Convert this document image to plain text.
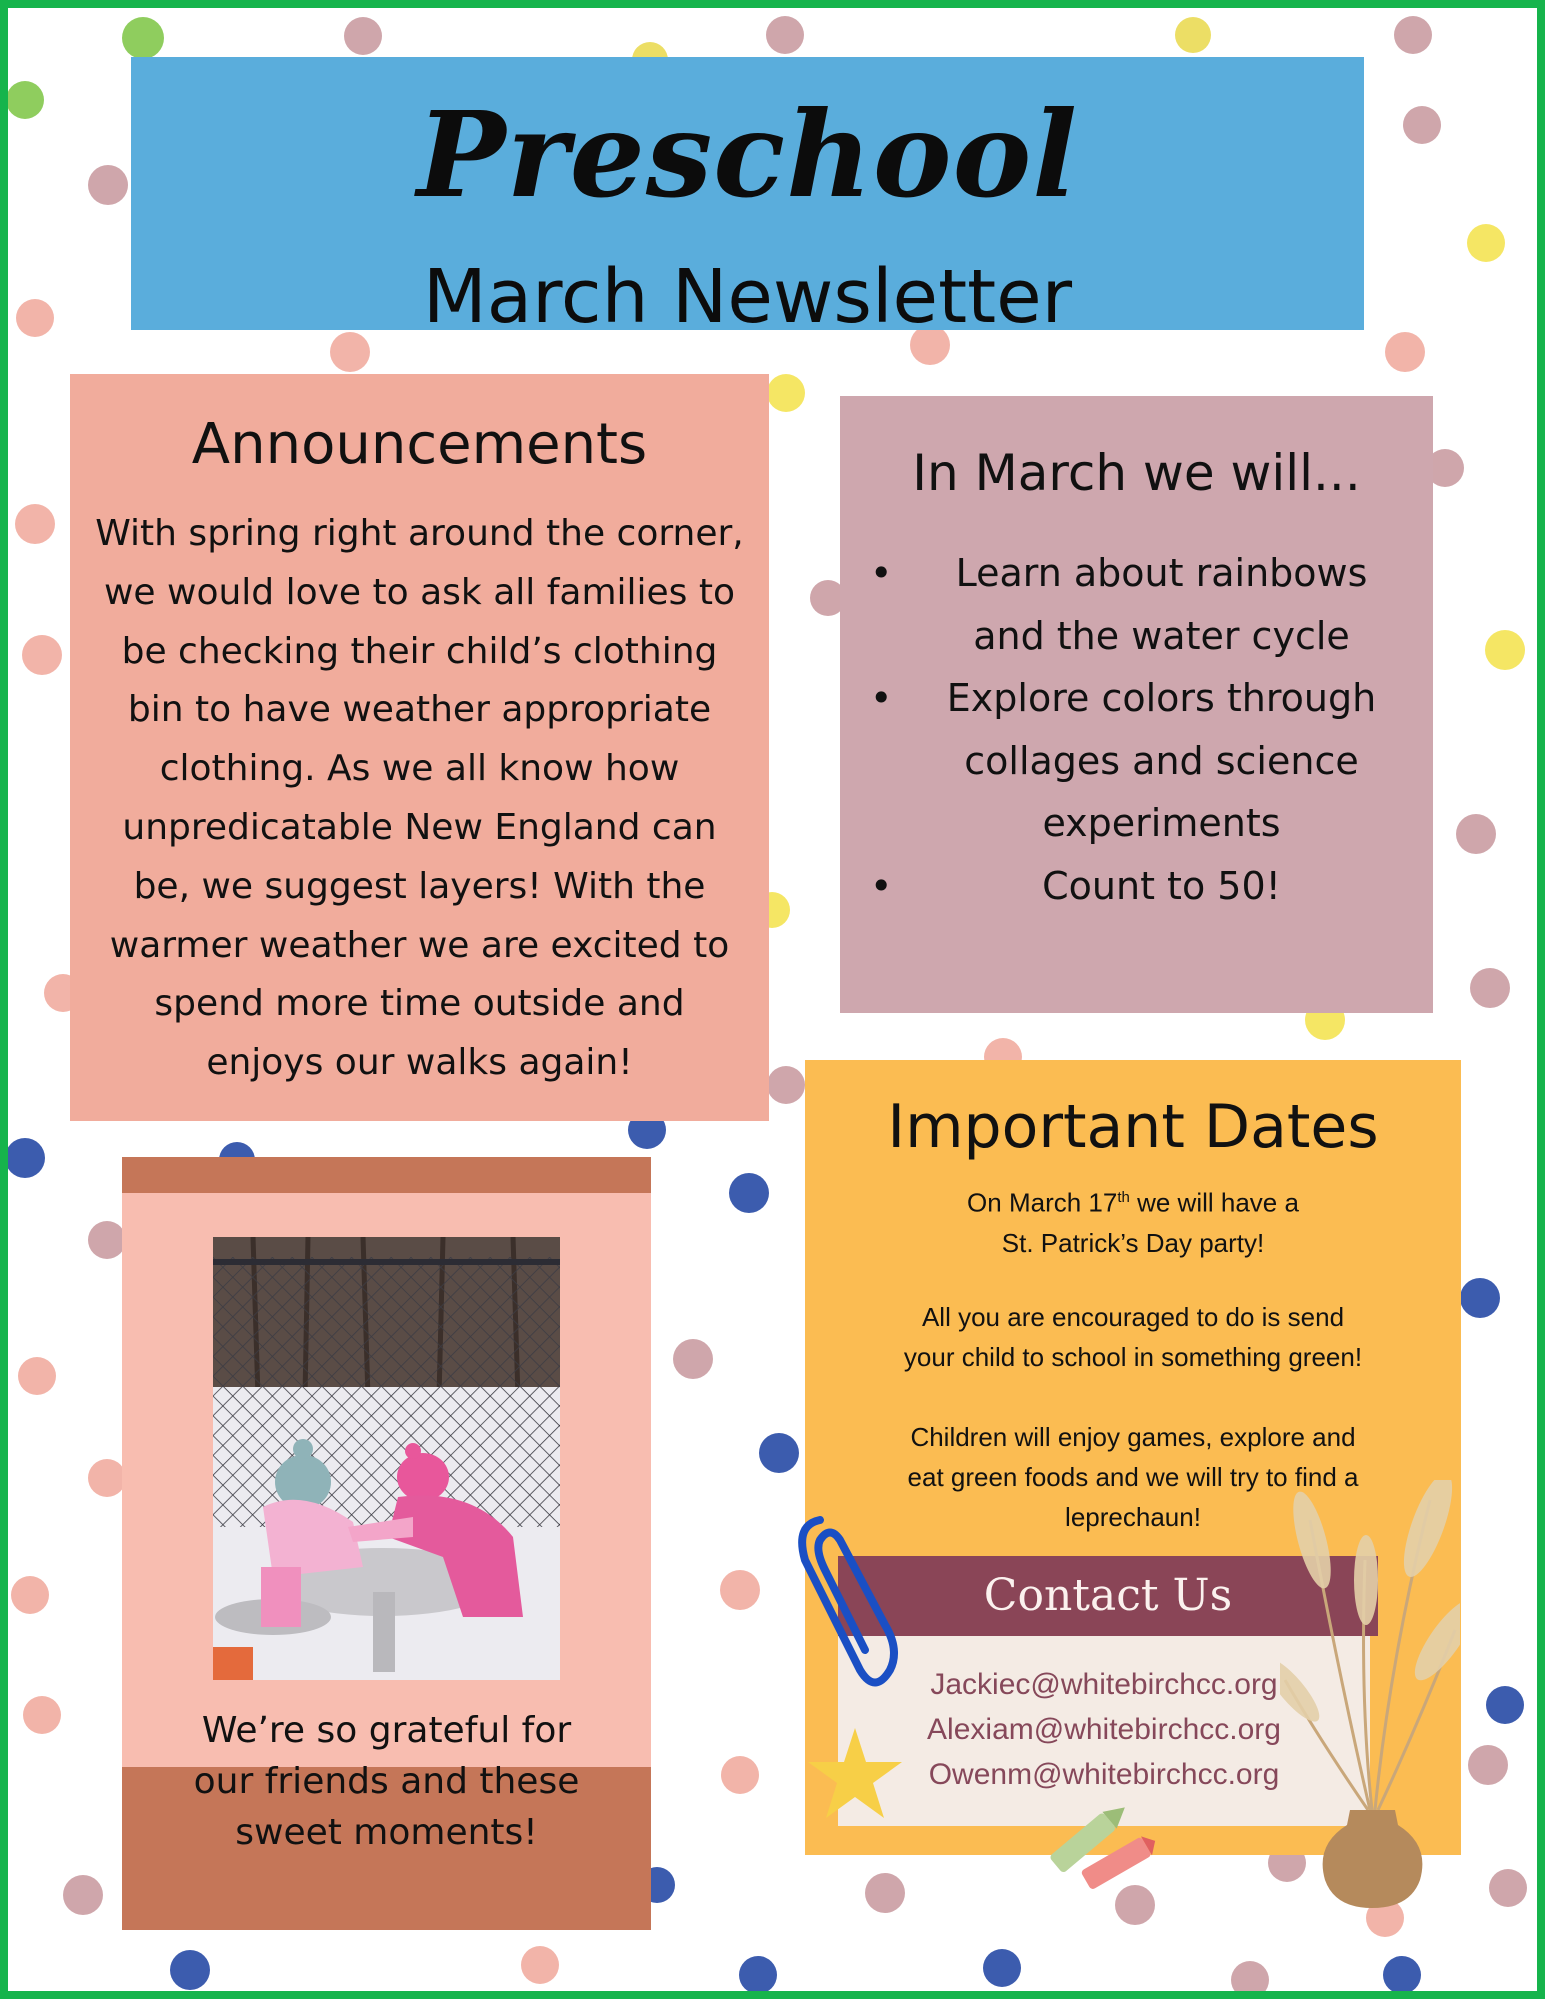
Preschool
March Newsletter
Announcements

With spring right around the corner, we would love to ask all families to be checking their child’s clothing bin to have weather appropriate clothing. As we all know how unpredicatable New England can be, we suggest layers! With the warmer weather we are excited to spend more time outside and enjoys our walks again!

In March we will...
•	Learn about rainbows and the water cycle
•	Explore colors through collages and science experiments
•	Count to 50!
Important Dates
On March 17th we will have a
St. Patrick’s Day party!
All you are encouraged to do is send
your child to school in something green!
Children will enjoy games, explore and
eat green foods and we will try to find a
leprechaun!
Contact Us
Jackiec@whitebirchcc.org
Alexiam@whitebirchcc.org
Owenm@whitebirchcc.org
We’re so grateful for our friends and these sweet moments!
